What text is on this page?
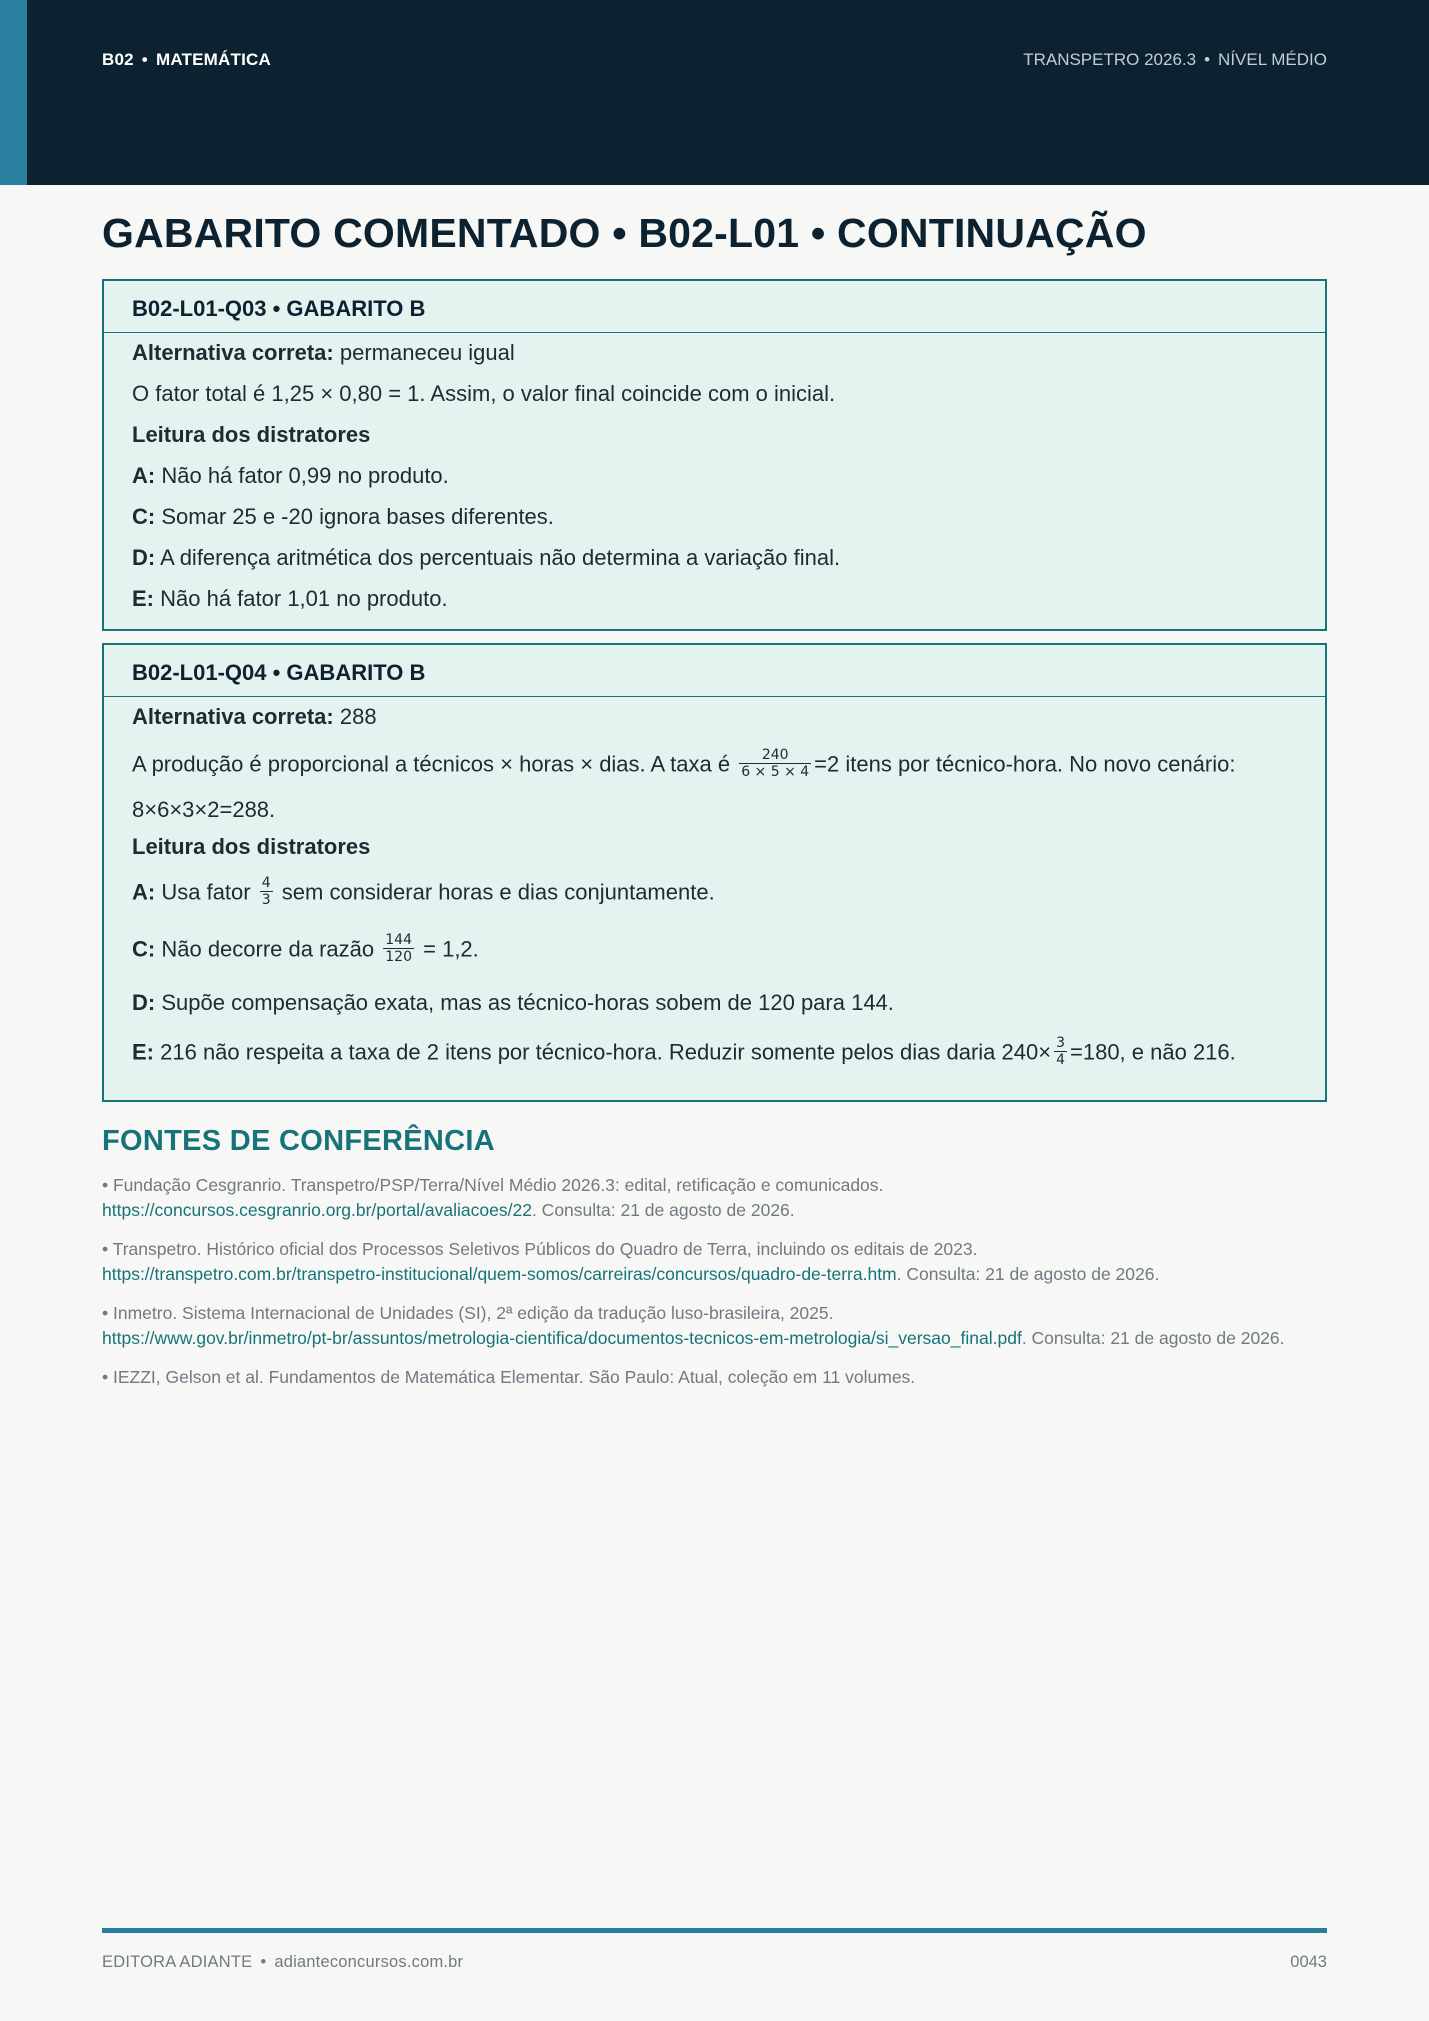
B02 • MATEMÁTICA	TRANSPETRO 2026.3 • NÍVEL MÉDIO
GABARITO COMENTADO • B02-L01 • CONTINUAÇÃO
B02-L01-Q03 • GABARITO B
Alternativa correta: permaneceu igual
O fator total é 1,25 × 0,80 = 1. Assim, o valor final coincide com o inicial.
Leitura dos distratores
A: Não há fator 0,99 no produto.
C: Somar 25 e -20 ignora bases diferentes.
D: A diferença aritmética dos percentuais não determina a variação final.
E: Não há fator 1,01 no produto.
B02-L01-Q04 • GABARITO B
Alternativa correta: 288
A produção é proporcional a técnicos × horas × dias. A taxa é $\frac{240}{6 \times 5 \times 4} =2$ itens por técnico-hora. No novo cenário:
8×6×3×2=288.
Leitura dos distratores
A: Usa fator $\frac{4}{3}$ sem considerar horas e dias conjuntamente.
C: Não decorre da razão $\frac{144}{120} = 1,2$.
D: Supõe compensação exata, mas as técnico-horas sobem de 120 para 144.
E: 216 não respeita a taxa de 2 itens por técnico-hora. Reduzir somente pelos dias daria $240\times \frac{3}{4} =180$, e não 216.
FONTES DE CONFERÊNCIA
• Fundação Cesgranrio. Transpetro/PSP/Terra/Nível Médio 2026.3: edital, retificação e comunicados.
https://concursos.cesgranrio.org.br/portal/avaliacoes/22. Consulta: 21 de agosto de 2026.
• Transpetro. Histórico oficial dos Processos Seletivos Públicos do Quadro de Terra, incluindo os editais de 2023.
https://transpetro.com.br/transpetro-institucional/quem-somos/carreiras/concursos/quadro-de-terra.htm. Consulta: 21 de agosto de 2026.
• Inmetro. Sistema Internacional de Unidades (SI), 2ª edição da tradução luso-brasileira, 2025.
https://www.gov.br/inmetro/pt-br/assuntos/metrologia-cientifica/documentos-tecnicos-em-metrologia/si_versao_final.pdf. Consulta: 21 de agosto de 2026.
• IEZZI, Gelson et al. Fundamentos de Matemática Elementar. São Paulo: Atual, coleção em 11 volumes.
EDITORA ADIANTE • adianteconcursos.com.br	0043
